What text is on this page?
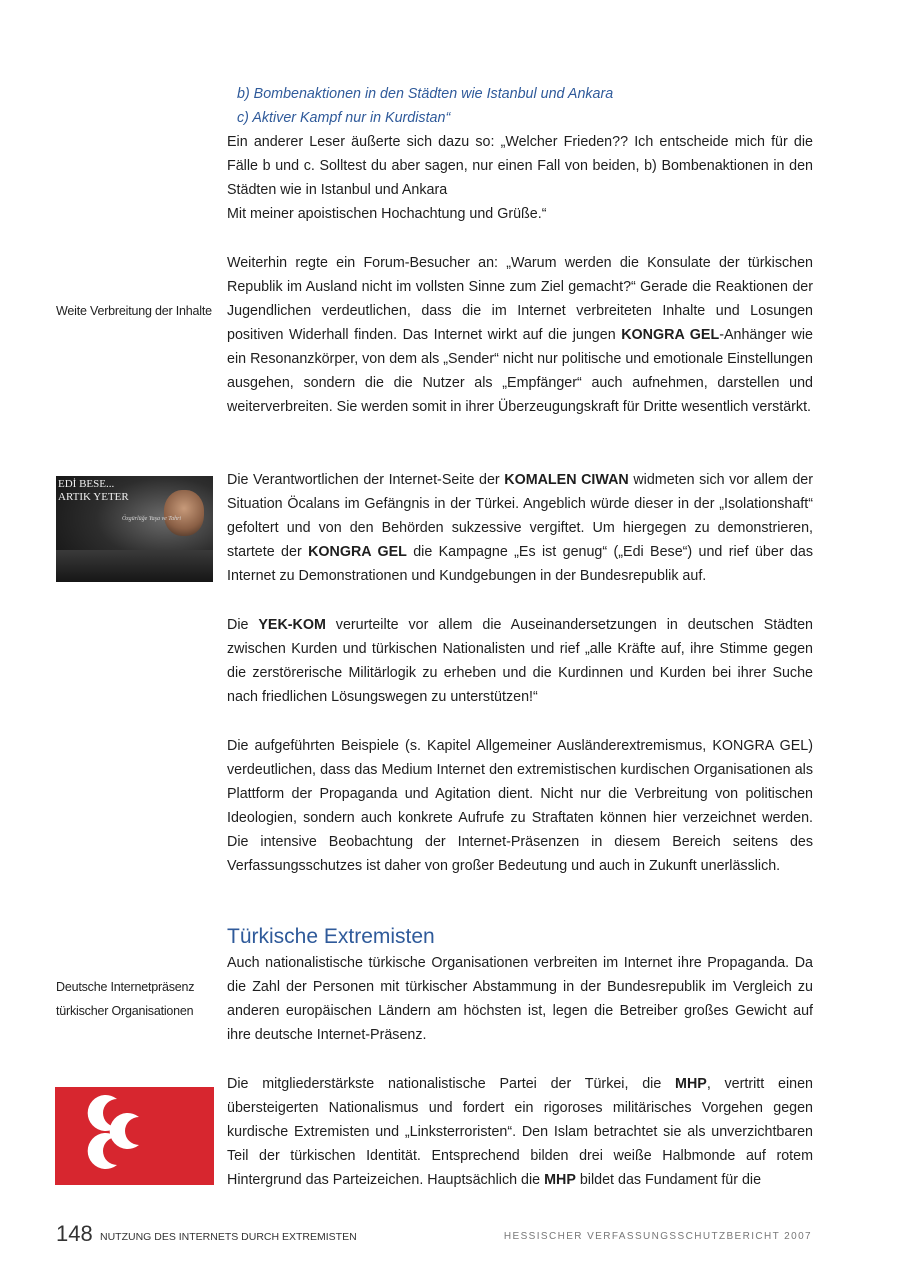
b) Bombenaktionen in den Städten wie Istanbul und Ankara
c) Aktiver Kampf nur in Kurdistan“

Ein anderer Leser äußerte sich dazu so: „Welcher Frieden?? Ich entscheide mich für die Fälle b und c. Solltest du aber sagen, nur einen Fall von beiden, b) Bombenaktionen in den Städten wie in Istanbul und Ankara

Mit meiner apoistischen Hochachtung und Grüße.“

Weiterhin regte ein Forum-Besucher an: „Warum werden die Konsulate der türkischen Republik im Ausland nicht im vollsten Sinne zum Ziel gemacht?“ Gerade die Reaktionen der Jugendlichen verdeutlichen, dass die im Internet verbreiteten Inhalte und Losungen positiven Widerhall finden. Das Internet wirkt auf die jungen KONGRA GEL-Anhänger wie ein Resonanzkörper, von dem als „Sender“ nicht nur politische und emotionale Einstellungen ausgehen, sondern die die Nutzer als „Empfänger“ auch aufnehmen, darstellen und weiterverbreiten. Sie werden somit in ihrer Überzeugungskraft für Dritte wesentlich verstärkt.

Weite Verbreitung der Inhalte
EDİ BESE...
ARTIK YETER
Özgürlüğe Yaşa ve Tahri

Die Verantwortlichen der Internet-Seite der KOMALEN CIWAN widmeten sich vor allem der Situation Öcalans im Gefängnis in der Türkei. Angeblich würde dieser in der „Isolationshaft“ gefoltert und von den Behörden sukzessive vergiftet. Um hiergegen zu demonstrieren, startete der KONGRA GEL die Kampagne „Es ist genug“ („Edi Bese“) und rief über das Internet zu Demonstrationen und Kundgebungen in der Bundesrepublik auf.

Die YEK-KOM verurteilte vor allem die Auseinandersetzungen in deutschen Städten zwischen Kurden und türkischen Nationalisten und rief „alle Kräfte auf, ihre Stimme gegen die zerstörerische Militärlogik zu erheben und die Kurdinnen und Kurden bei ihrer Suche nach friedlichen Lösungswegen zu unterstützen!“

Die aufgeführten Beispiele (s. Kapitel Allgemeiner Ausländerextremismus, KONGRA GEL) verdeutlichen, dass das Medium Internet den extremistischen kurdischen Organisationen als Plattform der Propaganda und Agitation dient. Nicht nur die Verbreitung von politischen Ideologien, sondern auch konkrete Aufrufe zu Straftaten können hier verzeichnet werden. Die intensive Beobachtung der Internet-Präsenzen in diesem Bereich seitens des Verfassungsschutzes ist daher von großer Bedeutung und auch in Zukunft unerlässlich.

Türkische Extremisten

Auch nationalistische türkische Organisationen verbreiten im Internet ihre Propaganda. Da die Zahl der Personen mit türkischer Abstammung in der Bundesrepublik im Vergleich zu anderen europäischen Ländern am höchsten ist, legen die Betreiber großes Gewicht auf ihre deutsche Internet-Präsenz.

Deutsche Internetpräsenz
türkischer Organisationen

Die mitgliederstärkste nationalistische Partei der Türkei, die MHP, vertritt einen übersteigerten Nationalismus und fordert ein rigoroses militärisches Vorgehen gegen kurdische Extremisten und „Linksterroristen“. Den Islam betrachtet sie als unverzichtbaren Teil der türkischen Identität. Entsprechend bilden drei weiße Halbmonde auf rotem Hintergrund das Parteizeichen. Hauptsächlich die MHP bildet das Fundament für die

148 NUTZUNG DES INTERNETS DURCH EXTREMISTEN	HESSISCHER VERFASSUNGSSCHUTZBERICHT 2007
